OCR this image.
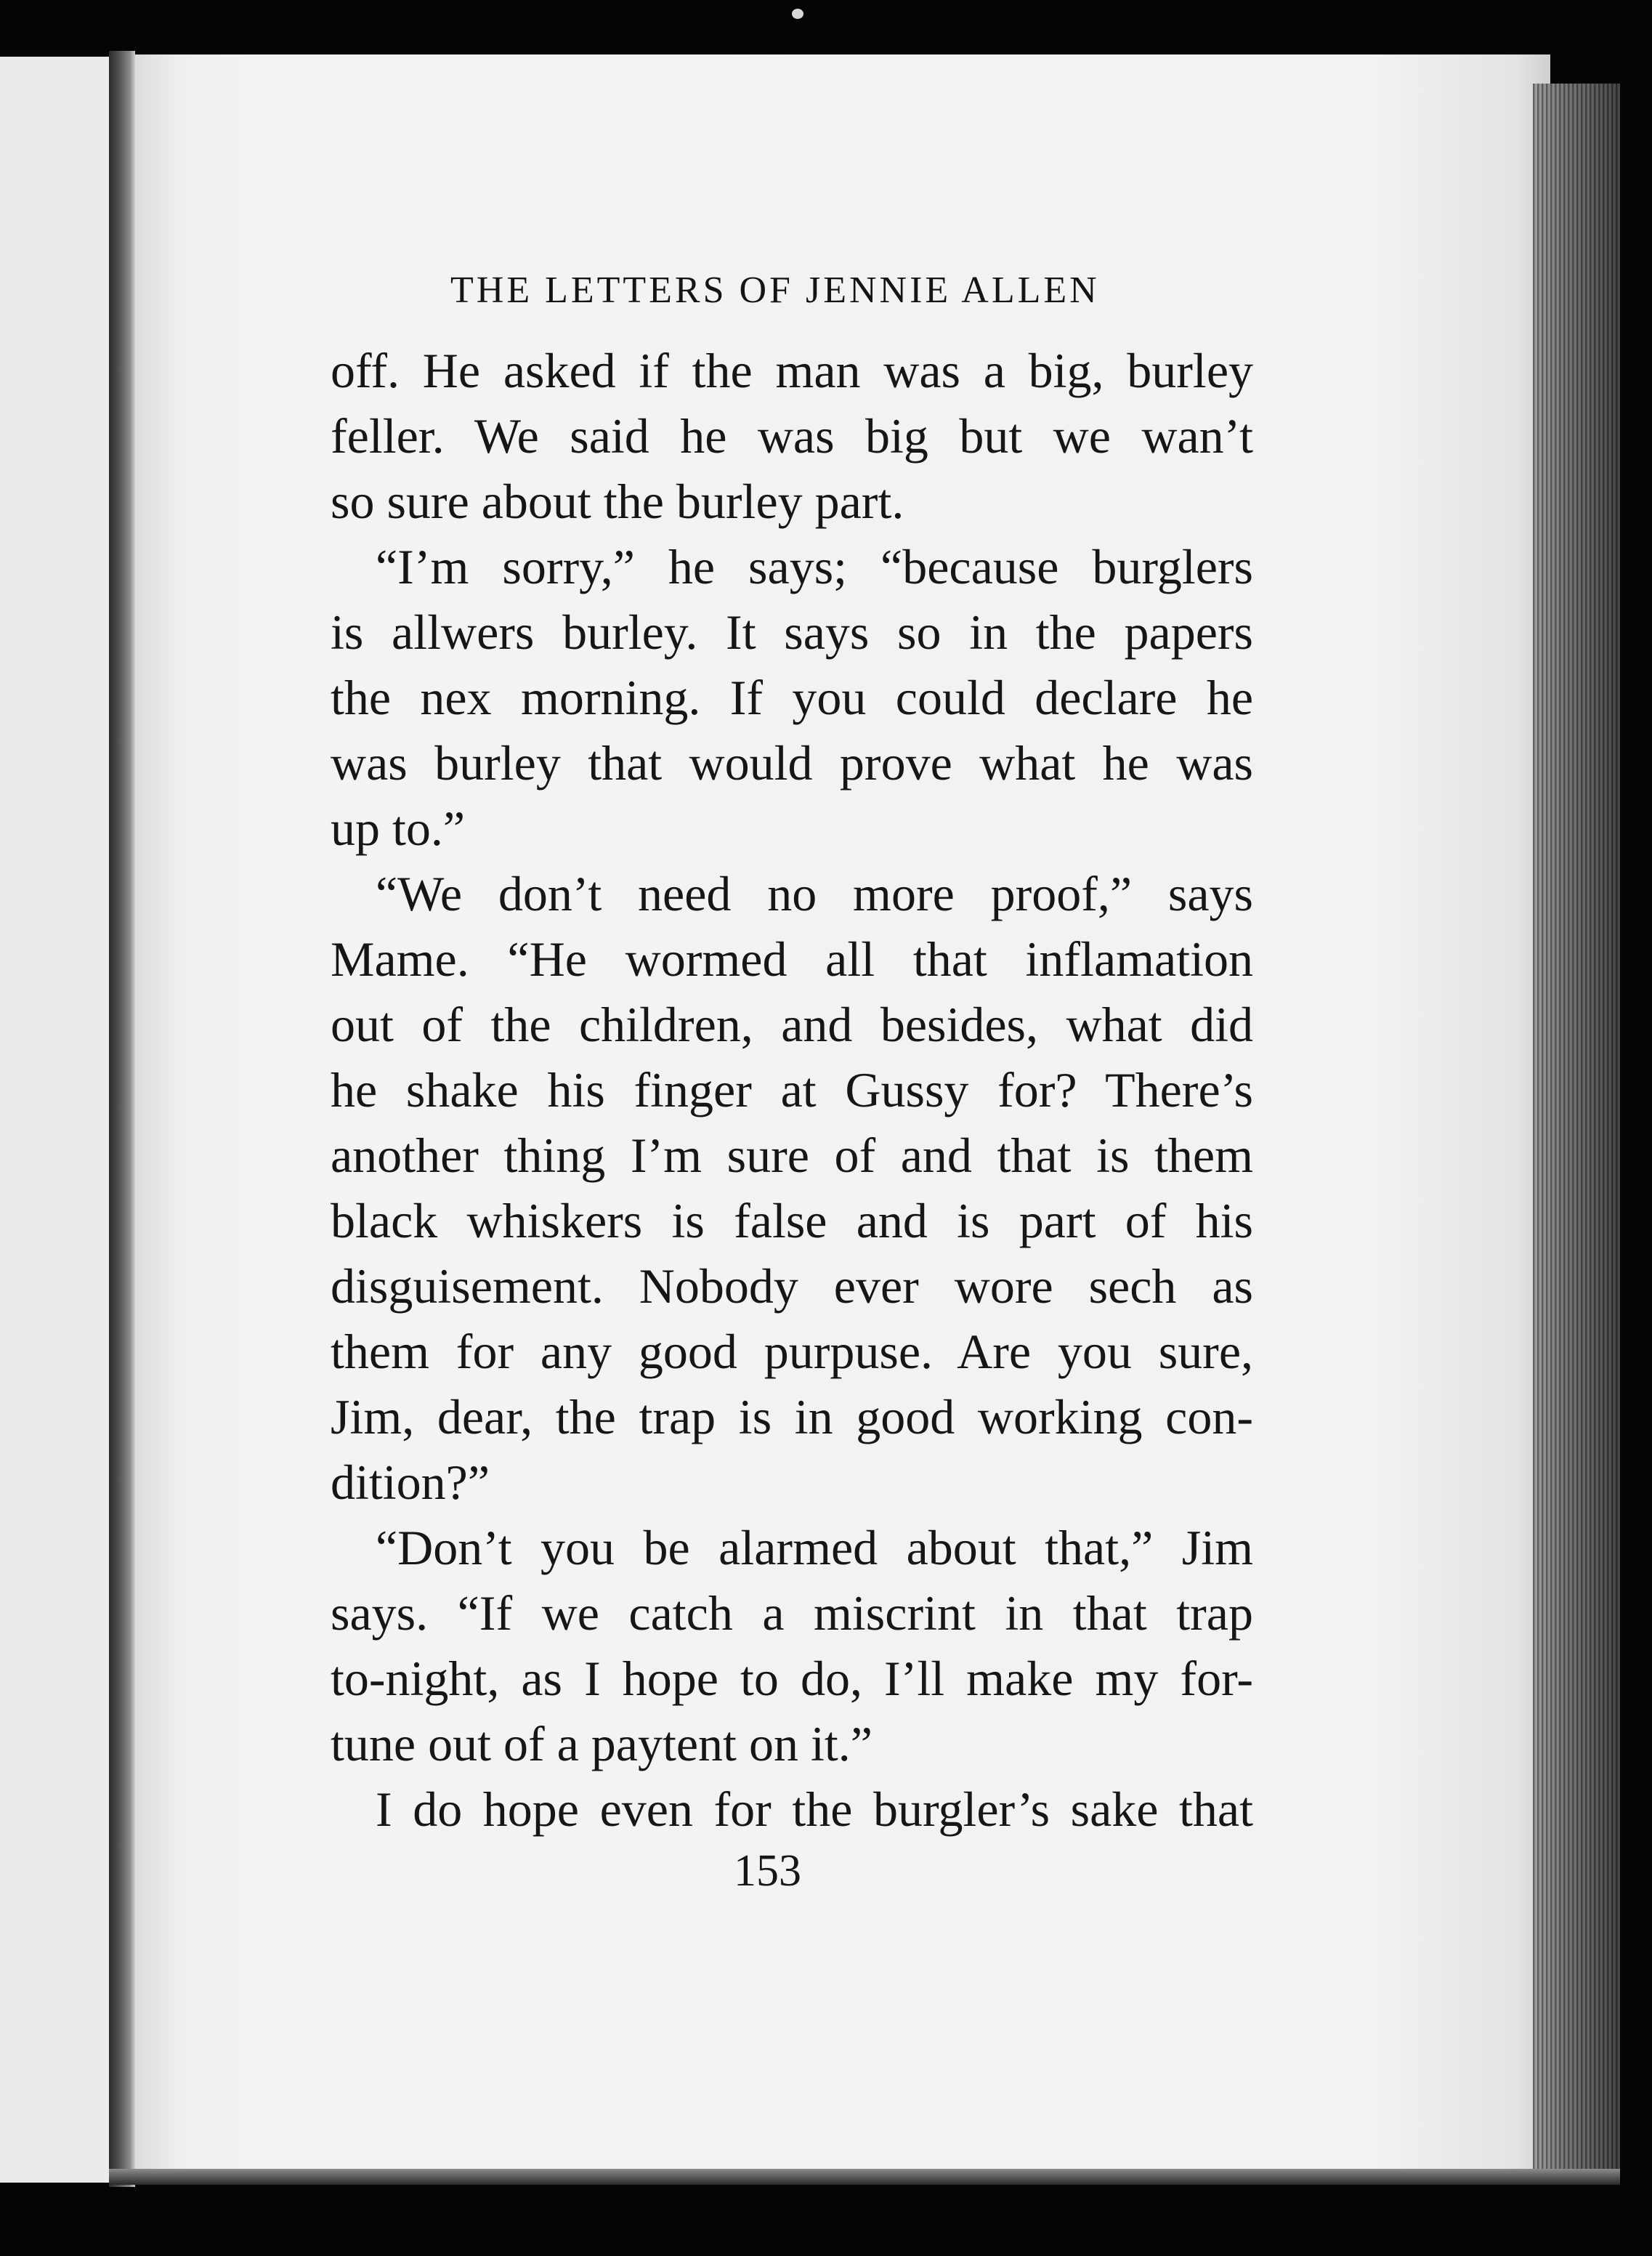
THE LETTERS OF JENNIE ALLEN
off. He asked if the man was a big, burley
feller. We said he was big but we wan’t
so sure about the burley part.
“I’m sorry,” he says; “because burglers
is allwers burley. It says so in the papers
the nex morning. If you could declare he
was burley that would prove what he was
up to.”
“We don’t need no more proof,” says
Mame. “He wormed all that inflamation
out of the children, and besides, what did
he shake his finger at Gussy for? There’s
another thing I’m sure of and that is them
black whiskers is false and is part of his
disguisement. Nobody ever wore sech as
them for any good purpuse. Are you sure,
Jim, dear, the trap is in good working con-
dition?”
“Don’t you be alarmed about that,” Jim
says. “If we catch a miscrint in that trap
to-night, as I hope to do, I’ll make my for-
tune out of a paytent on it.”
I do hope even for the burgler’s sake that
153
